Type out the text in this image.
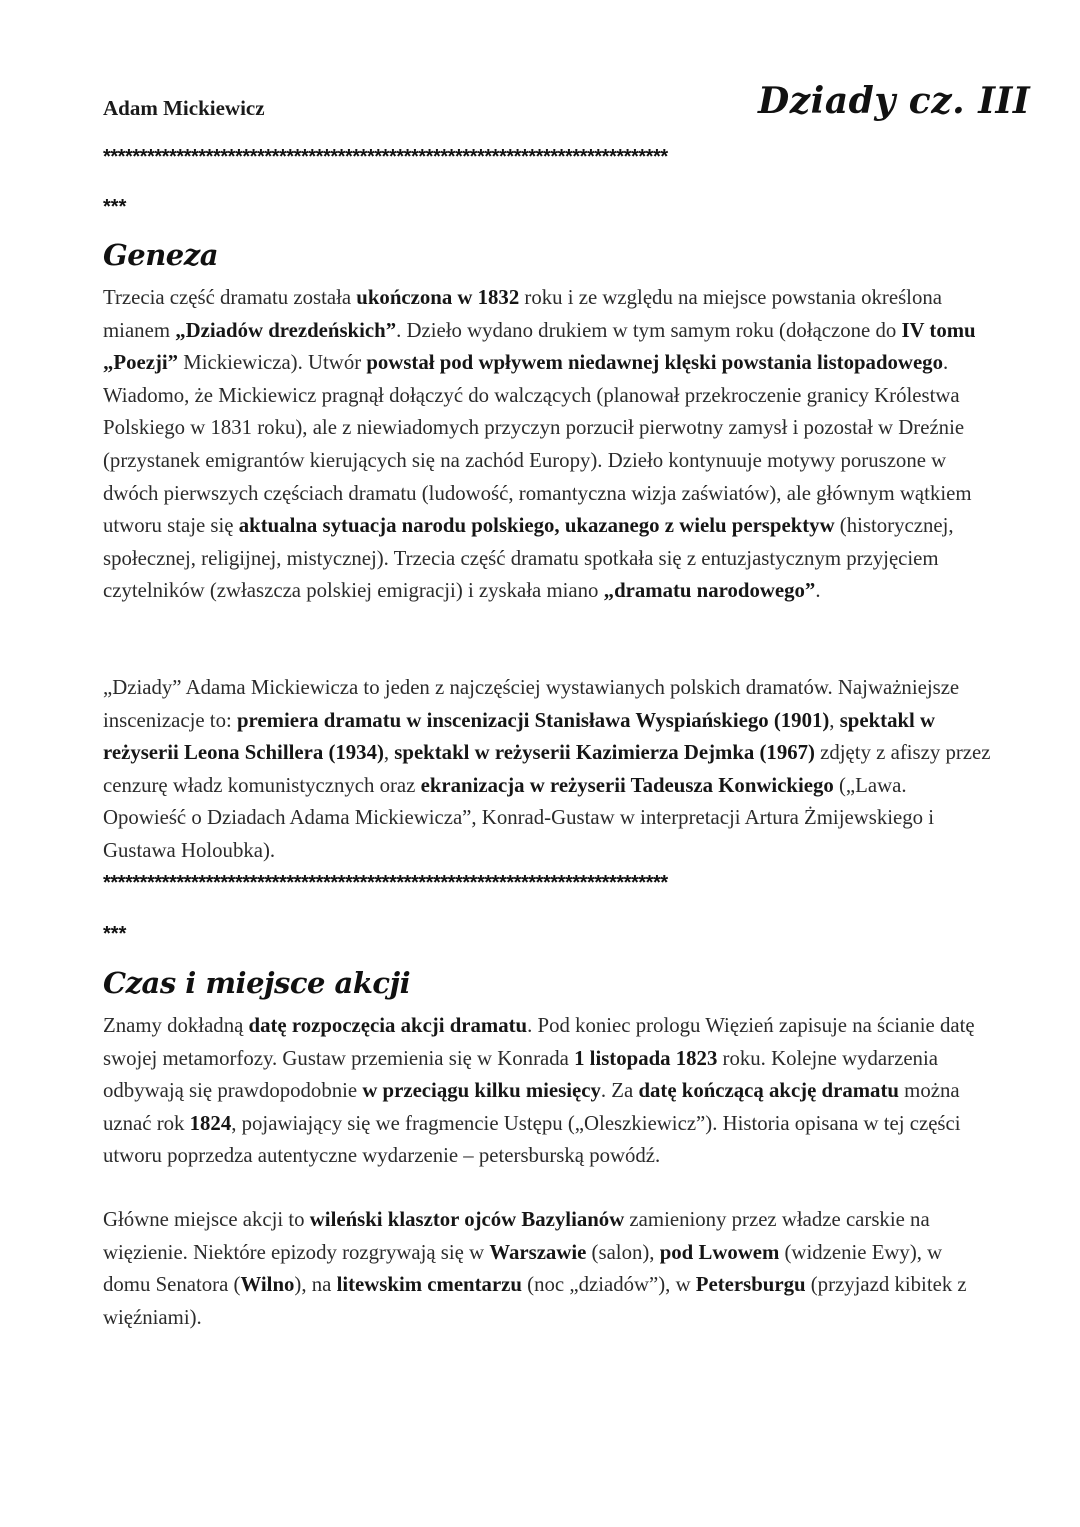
Adam Mickiewicz	Dziady cz. III

*****************************************************************************

***

Geneza

Trzecia część dramatu została ukończona w 1832 roku i ze względu na miejsce powstania określona mianem „Dziadów drezdeńskich”. Dzieło wydano drukiem w tym samym roku (dołączone do IV tomu „Poezji” Mickiewicza). Utwór powstał pod wpływem niedawnej klęski powstania listopadowego. Wiadomo, że Mickiewicz pragnął dołączyć do walczących (planował przekroczenie granicy Królestwa Polskiego w 1831 roku), ale z niewiadomych przyczyn porzucił pierwotny zamysł i pozostał w Dreźnie (przystanek emigrantów kierujących się na zachód Europy). Dzieło kontynuuje motywy poruszone w dwóch pierwszych częściach dramatu (ludowość, romantyczna wizja zaświatów), ale głównym wątkiem utworu staje się aktualna sytuacja narodu polskiego, ukazanego z wielu perspektyw (historycznej, społecznej, religijnej, mistycznej). Trzecia część dramatu spotkała się z entuzjastycznym przyjęciem czytelników (zwłaszcza polskiej emigracji) i zyskała miano „dramatu narodowego”.

„Dziady” Adama Mickiewicza to jeden z najczęściej wystawianych polskich dramatów. Najważniejsze inscenizacje to: premiera dramatu w inscenizacji Stanisława Wyspiańskiego (1901), spektakl w reżyserii Leona Schillera (1934), spektakl w reżyserii Kazimierza Dejmka (1967) zdjęty z afiszy przez cenzurę władz komunistycznych oraz ekranizacja w reżyserii Tadeusza Konwickiego („Lawa. Opowieść o Dziadach Adama Mickiewicza”, Konrad-Gustaw w interpretacji Artura Żmijewskiego i Gustawa Holoubka).

*****************************************************************************

***

Czas i miejsce akcji

Znamy dokładną datę rozpoczęcia akcji dramatu. Pod koniec prologu Więzień zapisuje na ścianie datę swojej metamorfozy. Gustaw przemienia się w Konrada 1 listopada 1823 roku. Kolejne wydarzenia odbywają się prawdopodobnie w przeciągu kilku miesięcy. Za datę kończącą akcję dramatu można uznać rok 1824, pojawiający się we fragmencie Ustępu („Oleszkiewicz”). Historia opisana w tej części utworu poprzedza autentyczne wydarzenie – petersburską powódź.

Główne miejsce akcji to wileński klasztor ojców Bazylianów zamieniony przez władze carskie na więzienie. Niektóre epizody rozgrywają się w Warszawie (salon), pod Lwowem (widzenie Ewy), w domu Senatora (Wilno), na litewskim cmentarzu (noc „dziadów”), w Petersburgu (przyjazd kibitek z więźniami).
